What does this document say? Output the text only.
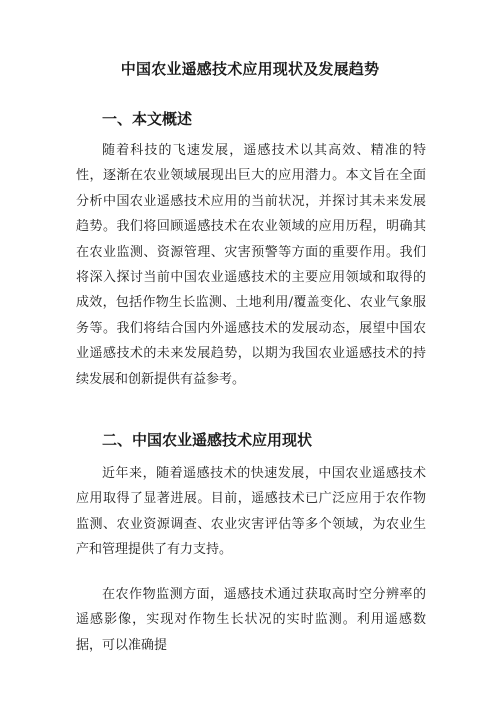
中国农业遥感技术应用现状及发展趋势
一、本文概述

随着科技的飞速发展，遥感技术以其高效、精准的特性，逐渐在农业领域展现出巨大的应用潜力。本文旨在全面分析中国农业遥感技术应用的当前状况，并探讨其未来发展趋势。我们将回顾遥感技术在农业领域的应用历程，明确其在农业监测、资源管理、灾害预警等方面的重要作用。我们将深入探讨当前中国农业遥感技术的主要应用领域和取得的成效，包括作物生长监测、土地利用/覆盖变化、农业气象服务等。我们将结合国内外遥感技术的发展动态，展望中国农业遥感技术的未来发展趋势，以期为我国农业遥感技术的持续发展和创新提供有益参考。

二、中国农业遥感技术应用现状

近年来，随着遥感技术的快速发展，中国农业遥感技术应用取得了显著进展。目前，遥感技术已广泛应用于农作物监测、农业资源调查、农业灾害评估等多个领域，为农业生产和管理提供了有力支持。

在农作物监测方面，遥感技术通过获取高时空分辨率的遥感影像，实现对作物生长状况的实时监测。利用遥感数据，可以准确提
